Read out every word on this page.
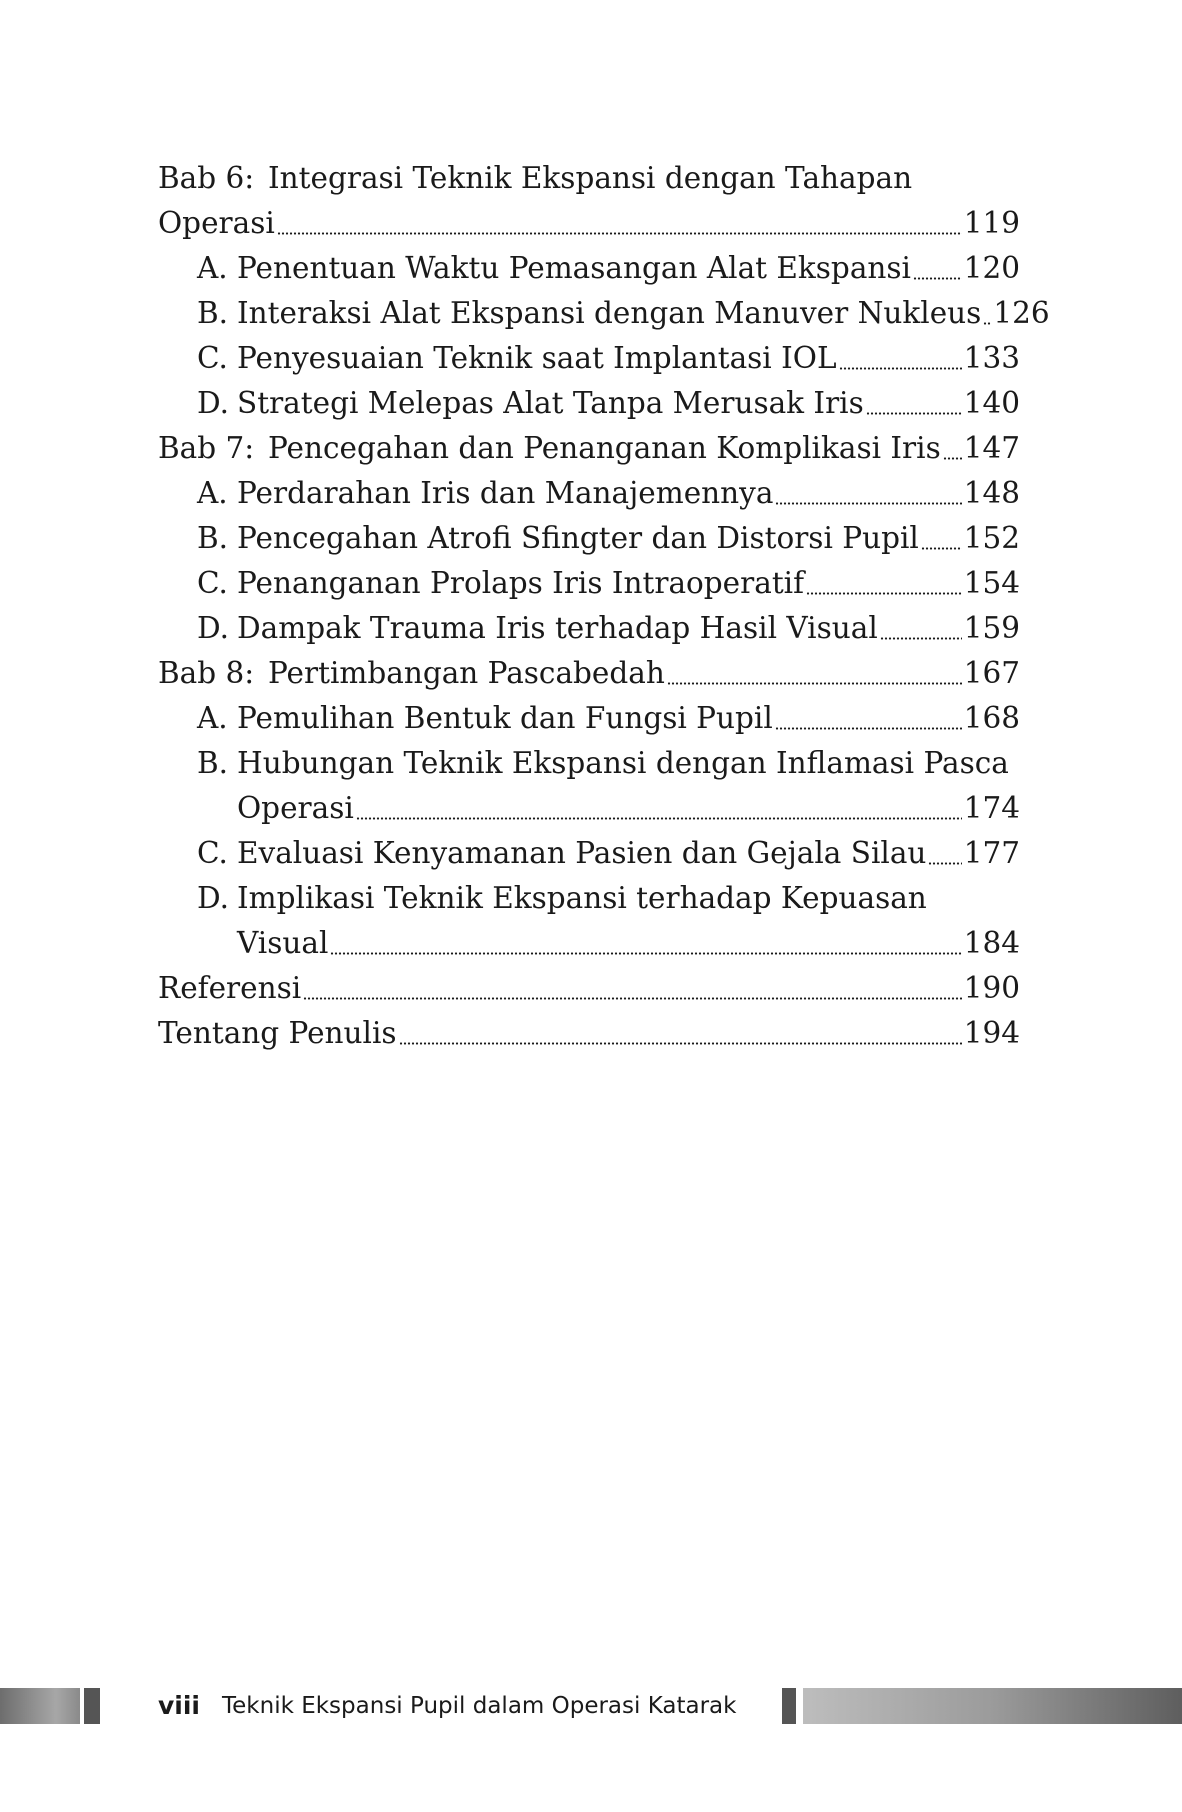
Bab 6: Integrasi Teknik Ekspansi dengan Tahapan
Operasi	119
A. Penentuan Waktu Pemasangan Alat Ekspansi 120
B. Interaksi Alat Ekspansi dengan Manuver Nukleus 126
C. Penyesuaian Teknik saat Implantasi IOL	133
D. Strategi Melepas Alat Tanpa Merusak Iris	140
Bab 7: Pencegahan dan Penanganan Komplikasi Iris 147
A. Perdarahan Iris dan Manajemennya	148
B. Pencegahan Atrofi Sfingter dan Distorsi Pupil 152
C. Penanganan Prolaps Iris Intraoperatif	154
D. Dampak Trauma Iris terhadap Hasil Visual	159
Bab 8: Pertimbangan Pascabedah	167
A. Pemulihan Bentuk dan Fungsi Pupil	168
B. Hubungan Teknik Ekspansi dengan Inflamasi Pasca
Operasi	174
C. Evaluasi Kenyamanan Pasien dan Gejala Silau 177
D. Implikasi Teknik Ekspansi terhadap Kepuasan
Visual	184
Referensi	190
Tentang Penulis	194
viii Teknik Ekspansi Pupil dalam Operasi Katarak
